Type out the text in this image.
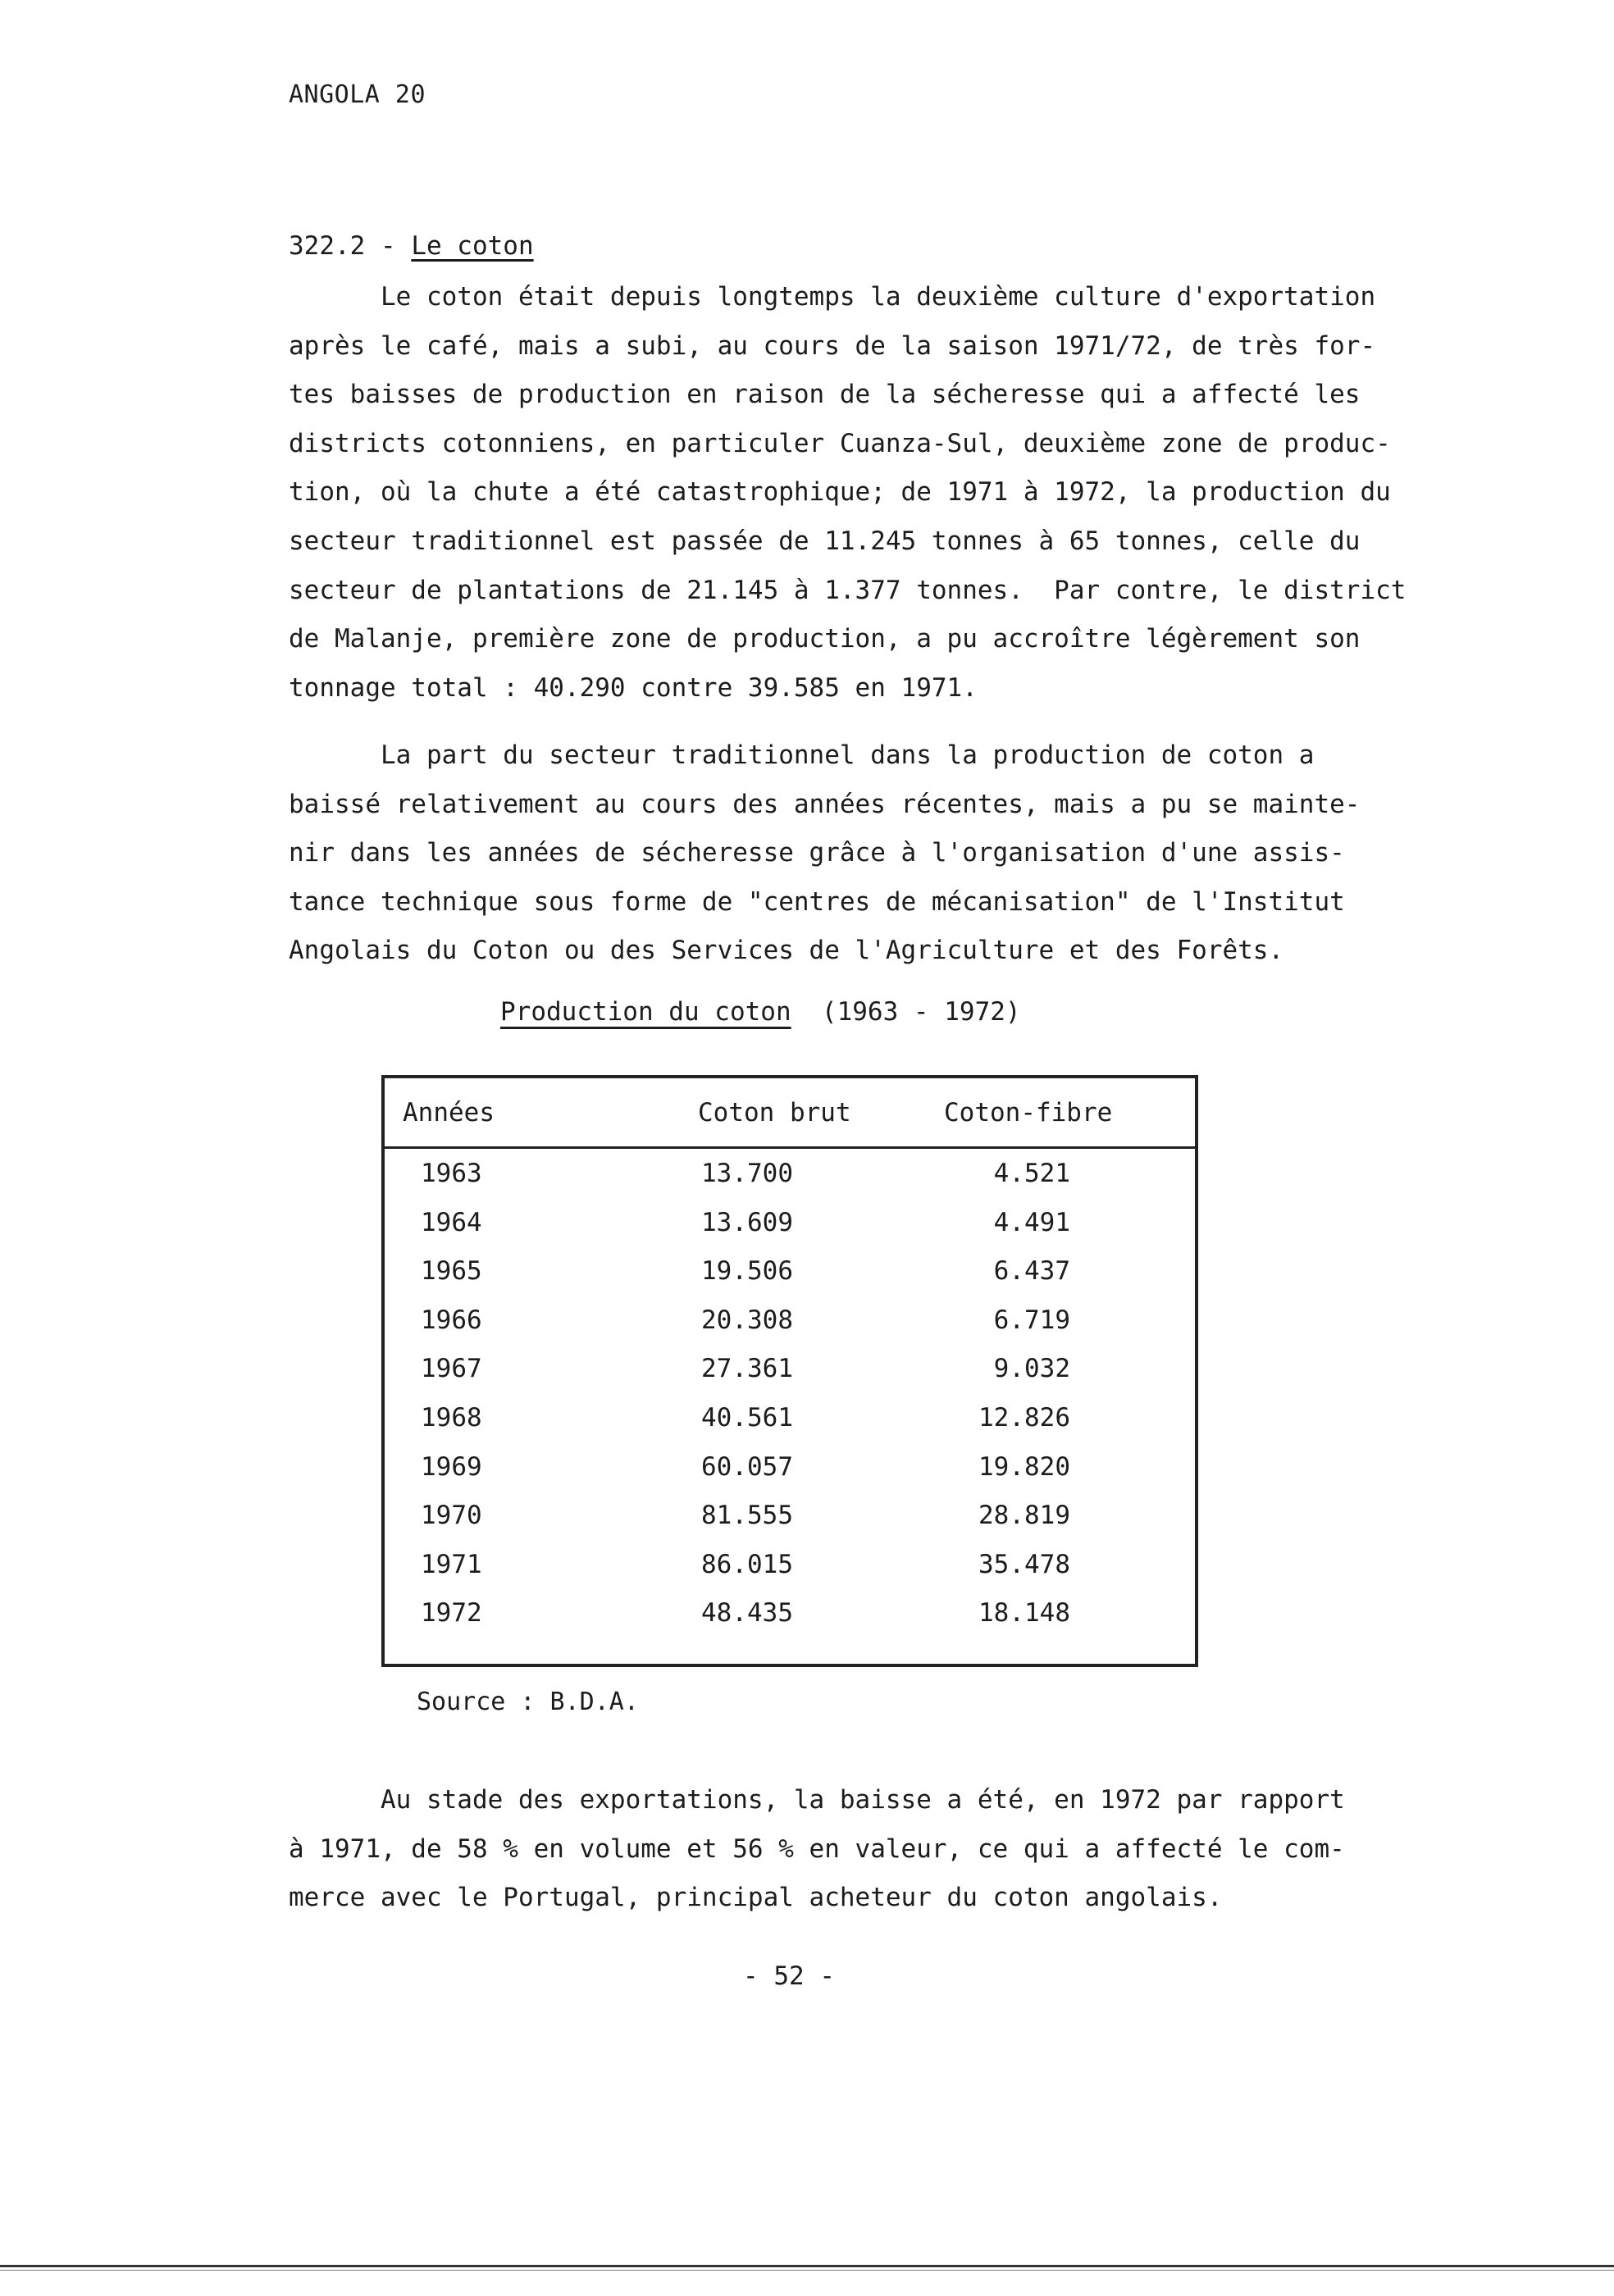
ANGOLA 20
322.2 - Le coton
Le coton était depuis longtemps la deuxième culture d'exportation
après le café, mais a subi, au cours de la saison 1971/72, de très for-
tes baisses de production en raison de la sécheresse qui a affecté les
districts cotonniens, en particuler Cuanza-Sul, deuxième zone de produc-
tion, où la chute a été catastrophique; de 1971 à 1972, la production du
secteur traditionnel est passée de 11.245 tonnes à 65 tonnes, celle du
secteur de plantations de 21.145 à 1.377 tonnes.  Par contre, le district
de Malanje, première zone de production, a pu accroître légèrement son
tonnage total : 40.290 contre 39.585 en 1971.
La part du secteur traditionnel dans la production de coton a
baissé relativement au cours des années récentes, mais a pu se mainte-
nir dans les années de sécheresse grâce à l'organisation d'une assis-
tance technique sous forme de "centres de mécanisation" de l'Institut
Angolais du Coton ou des Services de l'Agriculture et des Forêts.
Production du coton  (1963 - 1972)
Années	Coton brut	Coton-fibre
1963	13.700	4.521
1964	13.609	4.491
1965	19.506	6.437
1966	20.308	6.719
1967	27.361	9.032
1968	40.561	12.826
1969	60.057	19.820
1970	81.555	28.819
1971	86.015	35.478
1972	48.435	18.148
Source : B.D.A.
Au stade des exportations, la baisse a été, en 1972 par rapport
à 1971, de 58 % en volume et 56 % en valeur, ce qui a affecté le com-
merce avec le Portugal, principal acheteur du coton angolais.
- 52 -
